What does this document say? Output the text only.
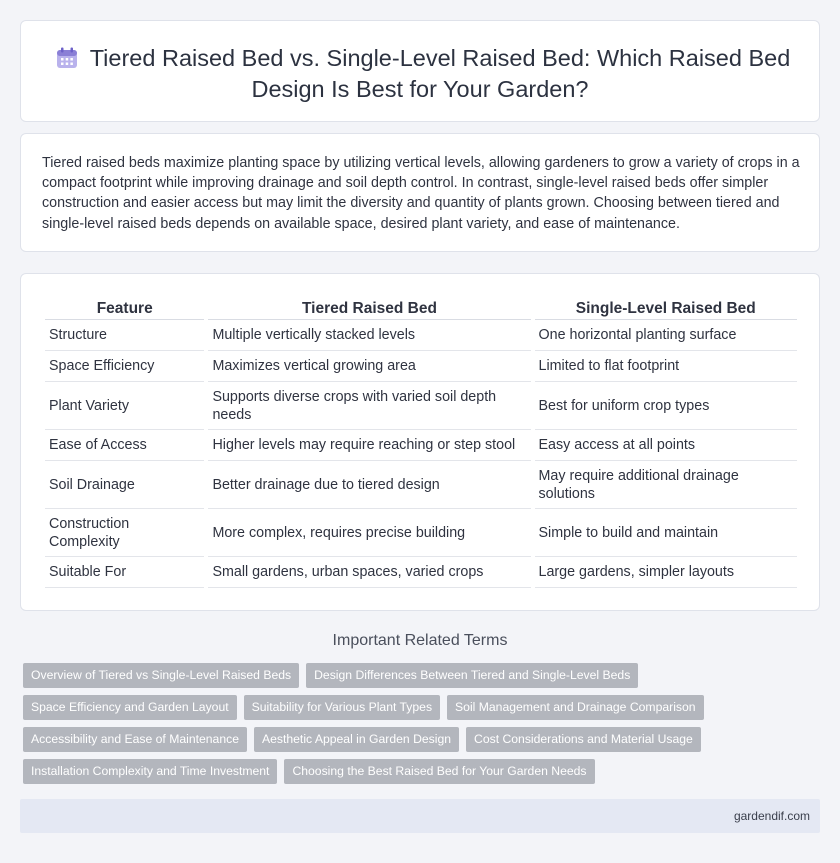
Tiered Raised Bed vs. Single-Level Raised Bed: Which Raised Bed Design Is Best for Your Garden?

Tiered raised beds maximize planting space by utilizing vertical levels, allowing gardeners to grow a variety of crops in a compact footprint while improving drainage and soil depth control. In contrast, single-level raised beds offer simpler construction and easier access but may limit the diversity and quantity of plants grown. Choosing between tiered and single-level raised beds depends on available space, desired plant variety, and ease of maintenance.

Feature	Tiered Raised Bed	Single-Level Raised Bed
Structure	Multiple vertically stacked levels	One horizontal planting surface
Space Efficiency	Maximizes vertical growing area	Limited to flat footprint
Plant Variety	Supports diverse crops with varied soil depth needs	Best for uniform crop types
Ease of Access	Higher levels may require reaching or step stool	Easy access at all points
Soil Drainage	Better drainage due to tiered design	May require additional drainage solutions
Construction Complexity	More complex, requires precise building	Simple to build and maintain
Suitable For	Small gardens, urban spaces, varied crops	Large gardens, simpler layouts
Important Related Terms
Overview of Tiered vs Single-Level Raised Beds	Design Differences Between Tiered and Single-Level Beds
Space Efficiency and Garden Layout	Suitability for Various Plant Types	Soil Management and Drainage Comparison
Accessibility and Ease of Maintenance	Aesthetic Appeal in Garden Design	Cost Considerations and Material Usage
Installation Complexity and Time Investment	Choosing the Best Raised Bed for Your Garden Needs
gardendif.com
